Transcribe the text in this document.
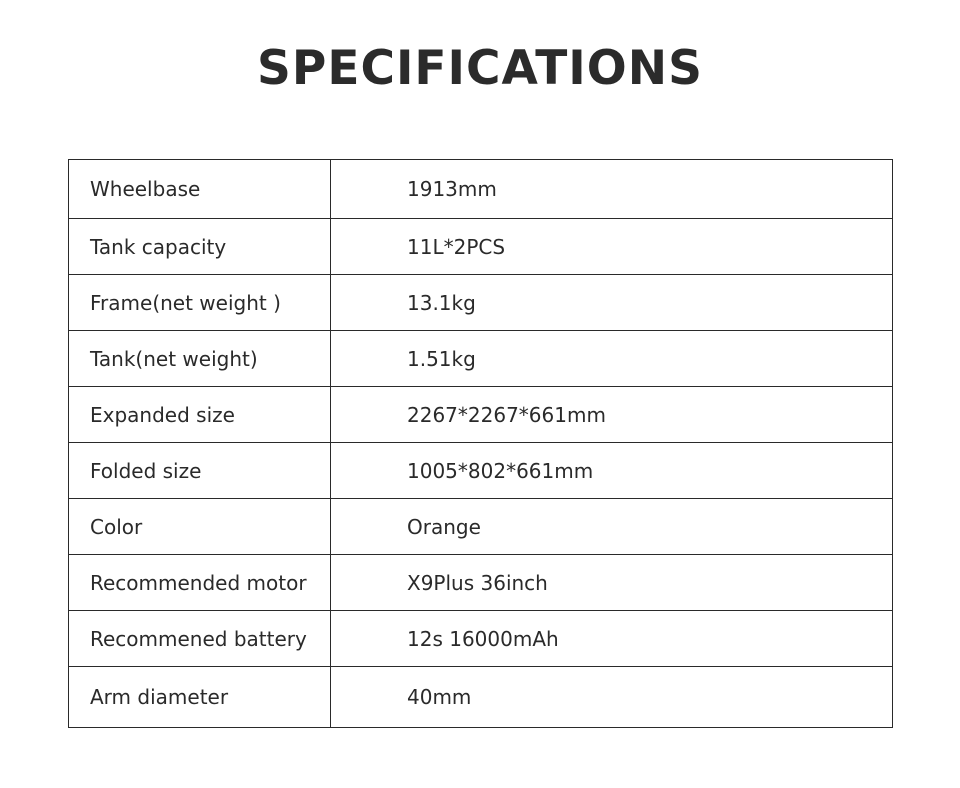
SPECIFICATIONS
Wheelbase	1913mm
Tank capacity	11L*2PCS
Frame(net weight )	13.1kg
Tank(net weight)	1.51kg
Expanded size	2267*2267*661mm
Folded size	1005*802*661mm
Color	Orange
Recommended motor	X9Plus 36inch
Recommened battery	12s 16000mAh
Arm diameter	40mm
